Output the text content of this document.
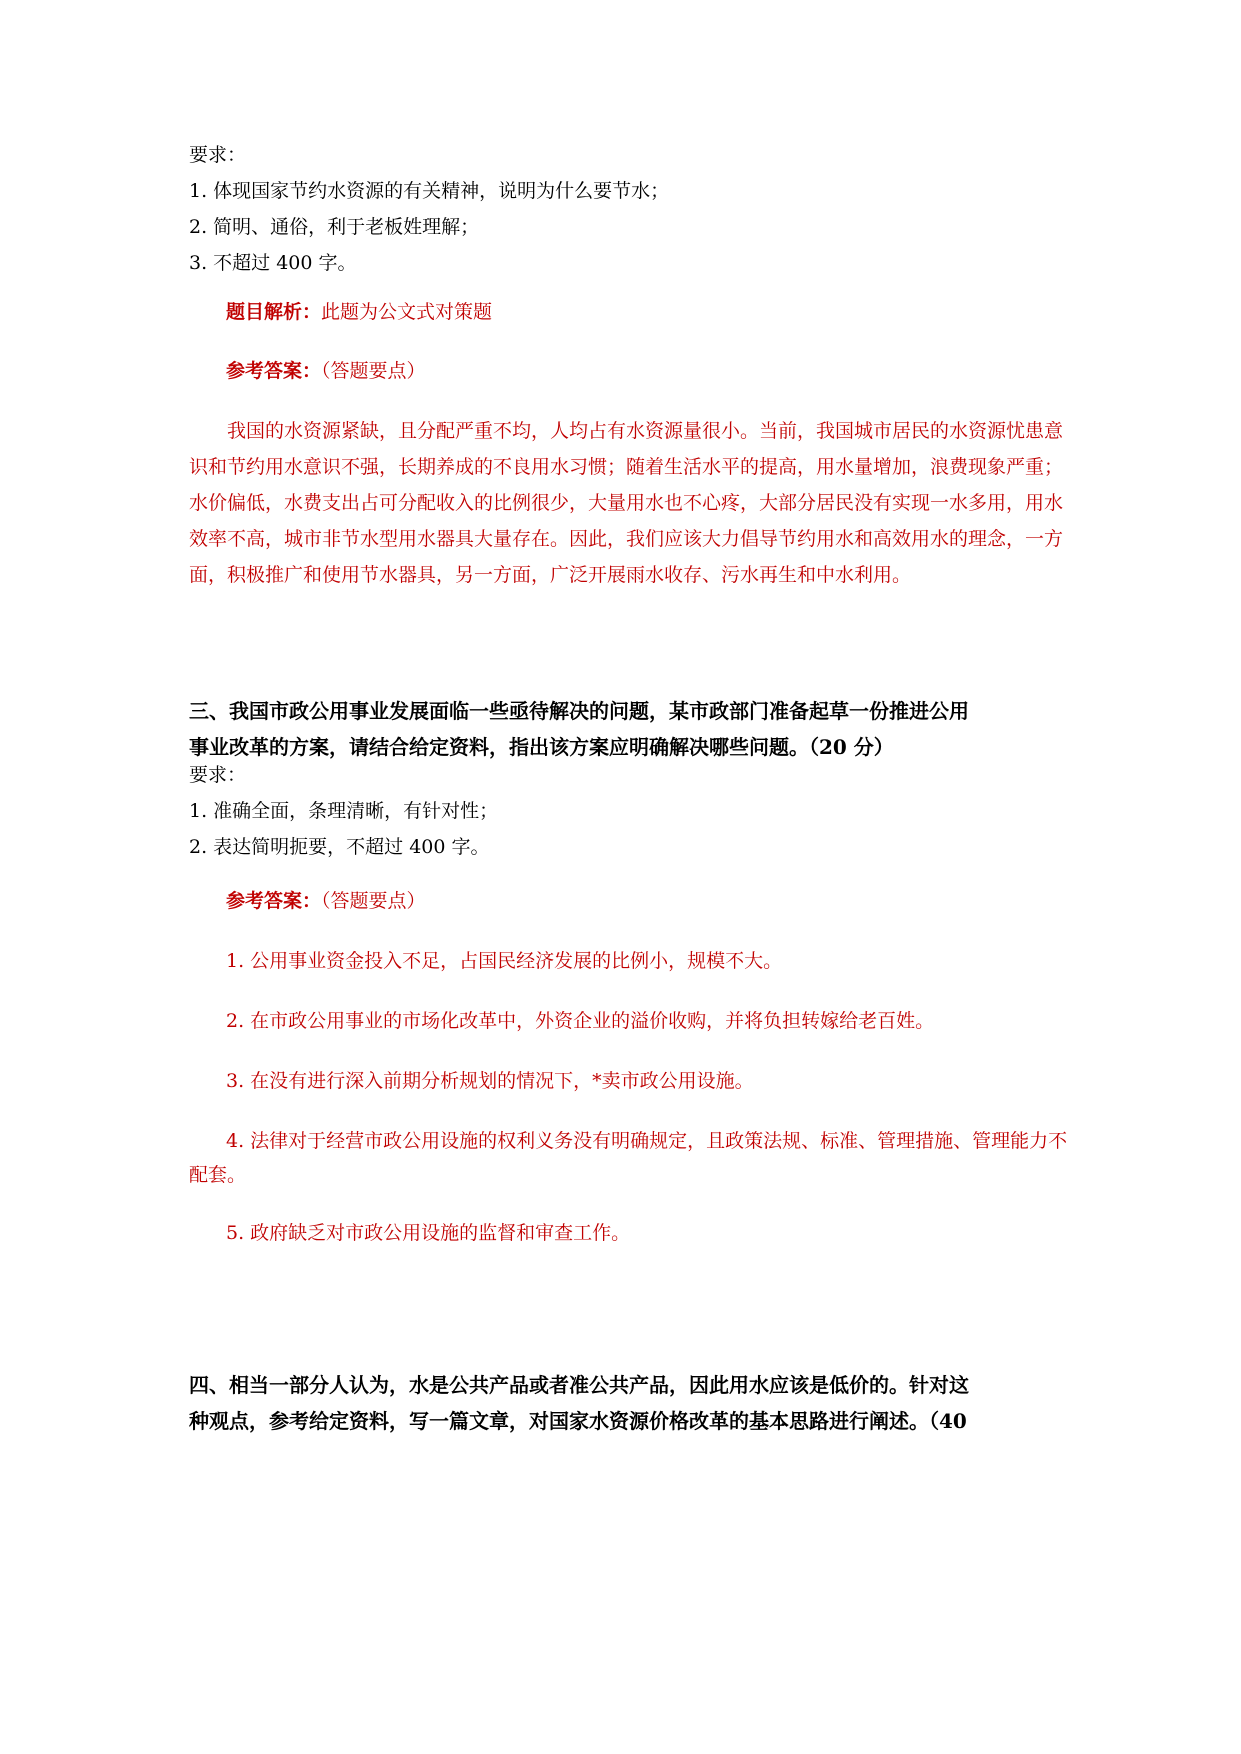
要求：
1. 体现国家节约水资源的有关精神，说明为什么要节水；
2. 简明、通俗，利于老板姓理解；
3. 不超过 400 字。
题目解析：此题为公文式对策题
参考答案：（答题要点）
我国的水资源紧缺，且分配严重不均，人均占有水资源量很小。当前，我国城市居民的水资源忧患意
识和节约用水意识不强，长期养成的不良用水习惯；随着生活水平的提高，用水量增加，浪费现象严重；
水价偏低，水费支出占可分配收入的比例很少，大量用水也不心疼，大部分居民没有实现一水多用，用水
效率不高，城市非节水型用水器具大量存在。因此，我们应该大力倡导节约用水和高效用水的理念，一方
面，积极推广和使用节水器具，另一方面，广泛开展雨水收存、污水再生和中水利用。
三、我国市政公用事业发展面临一些亟待解决的问题，某市政部门准备起草一份推进公用
事业改革的方案，请结合给定资料，指出该方案应明确解决哪些问题。（20 分）
要求：
1. 准确全面，条理清晰，有针对性；
2. 表达简明扼要，不超过 400 字。
参考答案：（答题要点）
1. 公用事业资金投入不足，占国民经济发展的比例小，规模不大。
2. 在市政公用事业的市场化改革中，外资企业的溢价收购，并将负担转嫁给老百姓。
3. 在没有进行深入前期分析规划的情况下，*卖市政公用设施。
4. 法律对于经营市政公用设施的权利义务没有明确规定，且政策法规、标准、管理措施、管理能力不
配套。
5. 政府缺乏对市政公用设施的监督和审查工作。
四、相当一部分人认为，水是公共产品或者准公共产品，因此用水应该是低价的。针对这
种观点，参考给定资料，写一篇文章，对国家水资源价格改革的基本思路进行阐述。（40
